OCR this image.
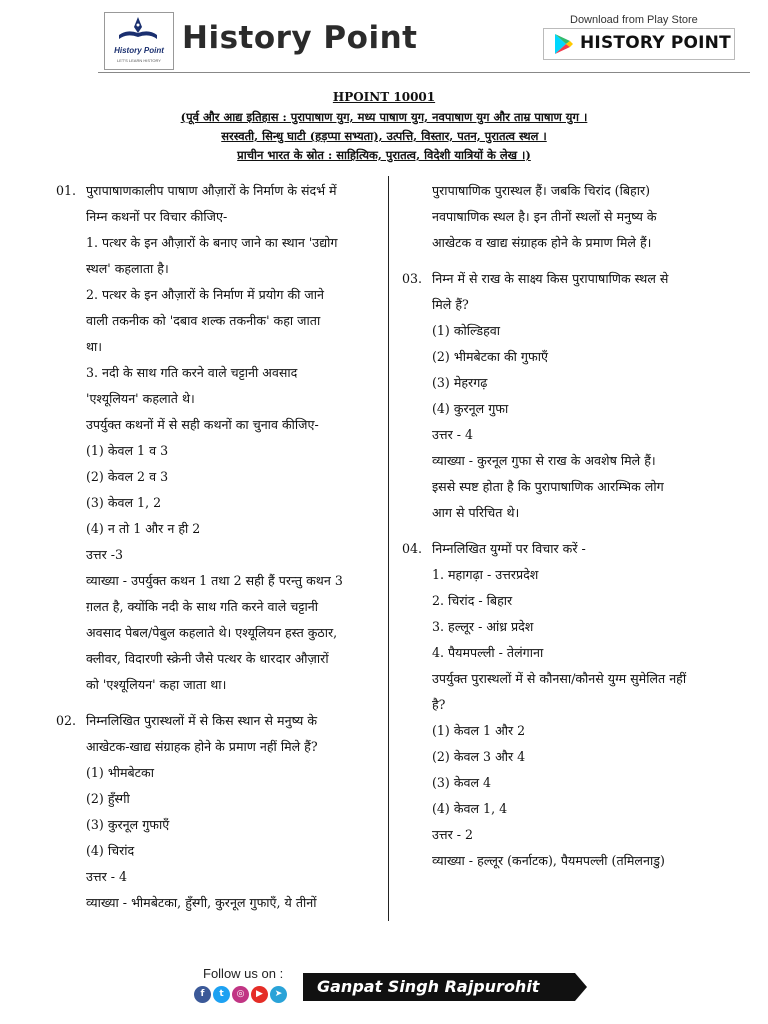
History Point
LET'S LEARN HISTORY
History Point	Download from Play Store
HISTORY POINT
HPOINT 10001
(पूर्व और आद्य इतिहास : पुरापाषाण युग, मध्य पाषाण युग, नवपाषाण युग और ताम्र पाषाण युग ।
सरस्वती, सिन्धु घाटी (हड़प्पा सभ्यता), उत्पत्ति, विस्तार, पतन, पुरातत्व स्थल ।
प्राचीन भारत के स्रोत : साहित्यिक, पुरातत्व, विदेशी यात्रियों के लेख ।)
01. पुरापाषाणकालीप पाषाण औज़ारों के निर्माण के संदर्भ में
निम्न कथनों पर विचार कीजिए-
1. पत्थर के इन औज़ारों के बनाए जाने का स्थान 'उद्योग
स्थल' कहलाता है।
2. पत्थर के इन औज़ारों के निर्माण में प्रयोग की जाने
वाली तकनीक को 'दबाव शल्क तकनीक' कहा जाता
था।
3. नदी के साथ गति करने वाले चट्टानी अवसाद
'एश्यूलियन' कहलाते थे।
उपर्युक्त कथनों में से सही कथनों का चुनाव कीजिए-
(1) केवल 1 व 3
(2) केवल 2 व 3
(3) केवल 1, 2
(4) न तो 1 और न ही 2
उत्तर -3
व्याख्या - उपर्युक्त कथन 1 तथा 2 सही हैं परन्तु कथन 3
ग़लत है, क्योंकि नदी के साथ गति करने वाले चट्टानी
अवसाद पेबल/पेबुल कहलाते थे। एश्यूलियन हस्त कुठार,
क्लीवर, विदारणी स्क्रेनी जैसे पत्थर के धारदार औज़ारों
को 'एश्यूलियन' कहा जाता था।
02. निम्नलिखित पुरास्थलों में से किस स्थान से मनुष्य के
आखेटक-खाद्य संग्राहक होने के प्रमाण नहीं मिले हैं?
(1) भीमबेटका
(2) हुँस्गी
(3) कुरनूल गुफाएँ
(4) चिरांद
उत्तर - 4
व्याख्या - भीमबेटका, हुँस्गी, कुरनूल गुफाएँ, ये तीनों
पुरापाषाणिक पुरास्थल हैं। जबकि चिरांद (बिहार)
नवपाषाणिक स्थल है। इन तीनों स्थलों से मनुष्य के
आखेटक व खाद्य संग्राहक होने के प्रमाण मिले हैं।
03. निम्न में से राख के साक्ष्य किस पुरापाषाणिक स्थल से
मिले हैं?
(1) कोल्डिहवा
(2) भीमबेटका की गुफाएँ
(3) मेहरगढ़
(4) कुरनूल गुफा
उत्तर - 4
व्याख्या - कुरनूल गुफा से राख के अवशेष मिले हैं।
इससे स्पष्ट होता है कि पुरापाषाणिक आरम्भिक लोग
आग से परिचित थे।
04. निम्नलिखित युग्मों पर विचार करें -
1. महागढ़ा - उत्तरप्रदेश
2. चिरांद - बिहार
3. हल्लूर - आंध्र प्रदेश
4. पैयमपल्ली - तेलंगाना
उपर्युक्त पुरास्थलों में से कौनसा/कौनसे युग्म सुमेलित नहीं
है?
(1) केवल 1 और 2
(2) केवल 3 और 4
(3) केवल 4
(4) केवल 1, 4
उत्तर - 2
व्याख्या - हल्लूर (कर्नाटक), पैयमपल्ली (तमिलनाडु)
Follow us on :
f	t	◎	▶	➤ Ganpat Singh Rajpurohit
